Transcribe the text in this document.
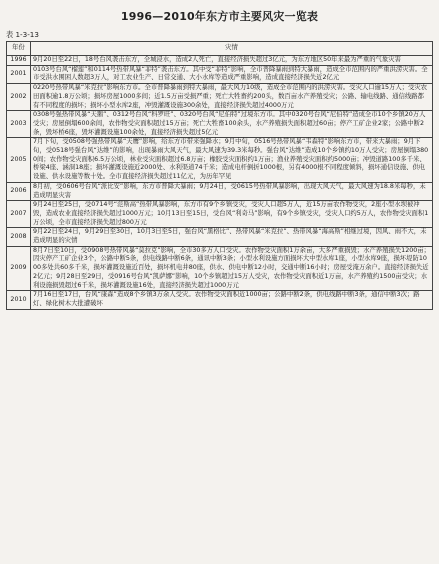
1996—2010年东方市主要风灾一览表
表 1-3-13
年份	灾情
1996	9月20日至22日，18号台风袭击东方，全城浸水，造成2人死亡，直接经济损失超过3亿元，为东方地区50年来最为严重的气象灾害
2001	0103号台风“榴莲”和0114号热带风暴“菲特”袭击东方。其中受“菲特”影响，全市普降暴雨到特大暴雨，造成全市范围内的严重洪涝灾害。全市受洪水围困人数超3万人，对工农业生产、日常交通、大小水库等造成严重影响，造成直接经济损失近2亿元
2002	0220号热带风暴“米克拉”影响东方市。全市普降暴雨到特大暴雨，最大风力10级，造成全市范围内的洪涝灾害。受灾人口逾15万人；受灾农田面积逾1.8万公顷；损坏房屋1000多间；近1.5万亩受损严重；死亡大牲畜约200头，数百亩水产养殖受灾；公路、输电线路、通信线路都有不同程度的损坏；损坏小型水库2座，冲毁灌溉设施300余处，直接经济损失超过4000万元
2003	0308号强热带风暴“天鹅”、0312号台风“科罗旺”、0320号台风“尼伯特”过境东方市。其中0320号台风“尼伯特”造成全市10个乡镇20万人受灾；房屋倒塌600余间，农作物受灾面积超过15万亩；死亡大牲畜100余头，水产养殖损失面积超过60亩；停产工矿企业2家；公路中断2条，毁坏桥6座，毁坏灌溉设施100余处，直接经济损失超过5亿元
2005	7月下旬，受0508号强热带风暴“天鹰”影响，给东方市带来强降水；9月中旬，0516号热带风暴“韦森特”影响东方市，带来大暴雨；9月下旬，受0518号强台风“达维”的影响，出现暴雨大风天气，最大风速为39.3米每秒。强台风“达维”造成10个乡镇约10万人受灾；房屋倒塌3800间；农作物受灾面积6.5万公顷，林业受灾面积超过6.8万亩；橡胶受灾面积约1万亩；渔业养殖受灾面积约5000亩；冲毁道路100多千米、桥梁4座、涵洞18座；损坏灌溉设施近2000处、水利渠道74千米；造成电杆倒折1000根，另有4000根不同程度倾斜，损坏通信设施、供电设施、供水设施等数十处。全市直接经济损失超过11亿元，为历年罕见
2006	8月初，受0606号台风“派比安”影响，东方市普降大暴雨；9月24日，受0615号热带风暴影响，出现大风天气，最大风速为18.8米每秒，未造成明显灾害
2007	9月24日至25日，受0714号“范斯高”热带风暴影响，东方市有9个乡镇受灾，受灾人口超5万人，近15万亩农作物受灾，2座小型水坝被冲毁，造成农业直接经济损失超过1000万元；10月13日至15日，受台风“利奇马”影响，有9个乡镇受灾，受灾人口约5万人，农作物受灾面积1万公顷，全市直接经济损失超过800万元
2008	9月22日至24日，9月29日至30日，10月3日至5日，强台风“黑格比”、热带风暴“米克拉”、热带风暴“海高斯”相继过境，因风、雨不大，未造成明显的灾情
2009	8月7日至10日，受0908号热带风暴“莫拉克”影响，全市30多万人口受灾。农作物受灾面积1万余亩，大多严重损毁；水产养殖损失1200亩；因灾停产工矿企业3个，公路中断5条，供电线路中断6条，通讯中断3条；小型水利设施方面损坏大中型水库1座，小型水库9座，损坏堤防1000多处共60多千米，损坏灌溉设施近百处，损坏机电井80座，供水、供电中断12小时，交通中断16小时；房屋受淹万余户。直接经济损失近2亿元；9月28日至29日，受0916号台风“凯萨娜”影响，10个乡镇超过15万人受灾，农作物受灾面积近1万亩，水产养殖约1500亩受灾；水利设施损毁超过6千米，损坏灌溉设施16处，直接经济损失超过1000万元
2010	7月16日至17日，台风“康森”造成8个乡镇3万余人受灾。农作物受灾面积近1000亩；公路中断2条，供电线路中断3条，通信中断3次；路灯、绿化树木大批遭破坏
